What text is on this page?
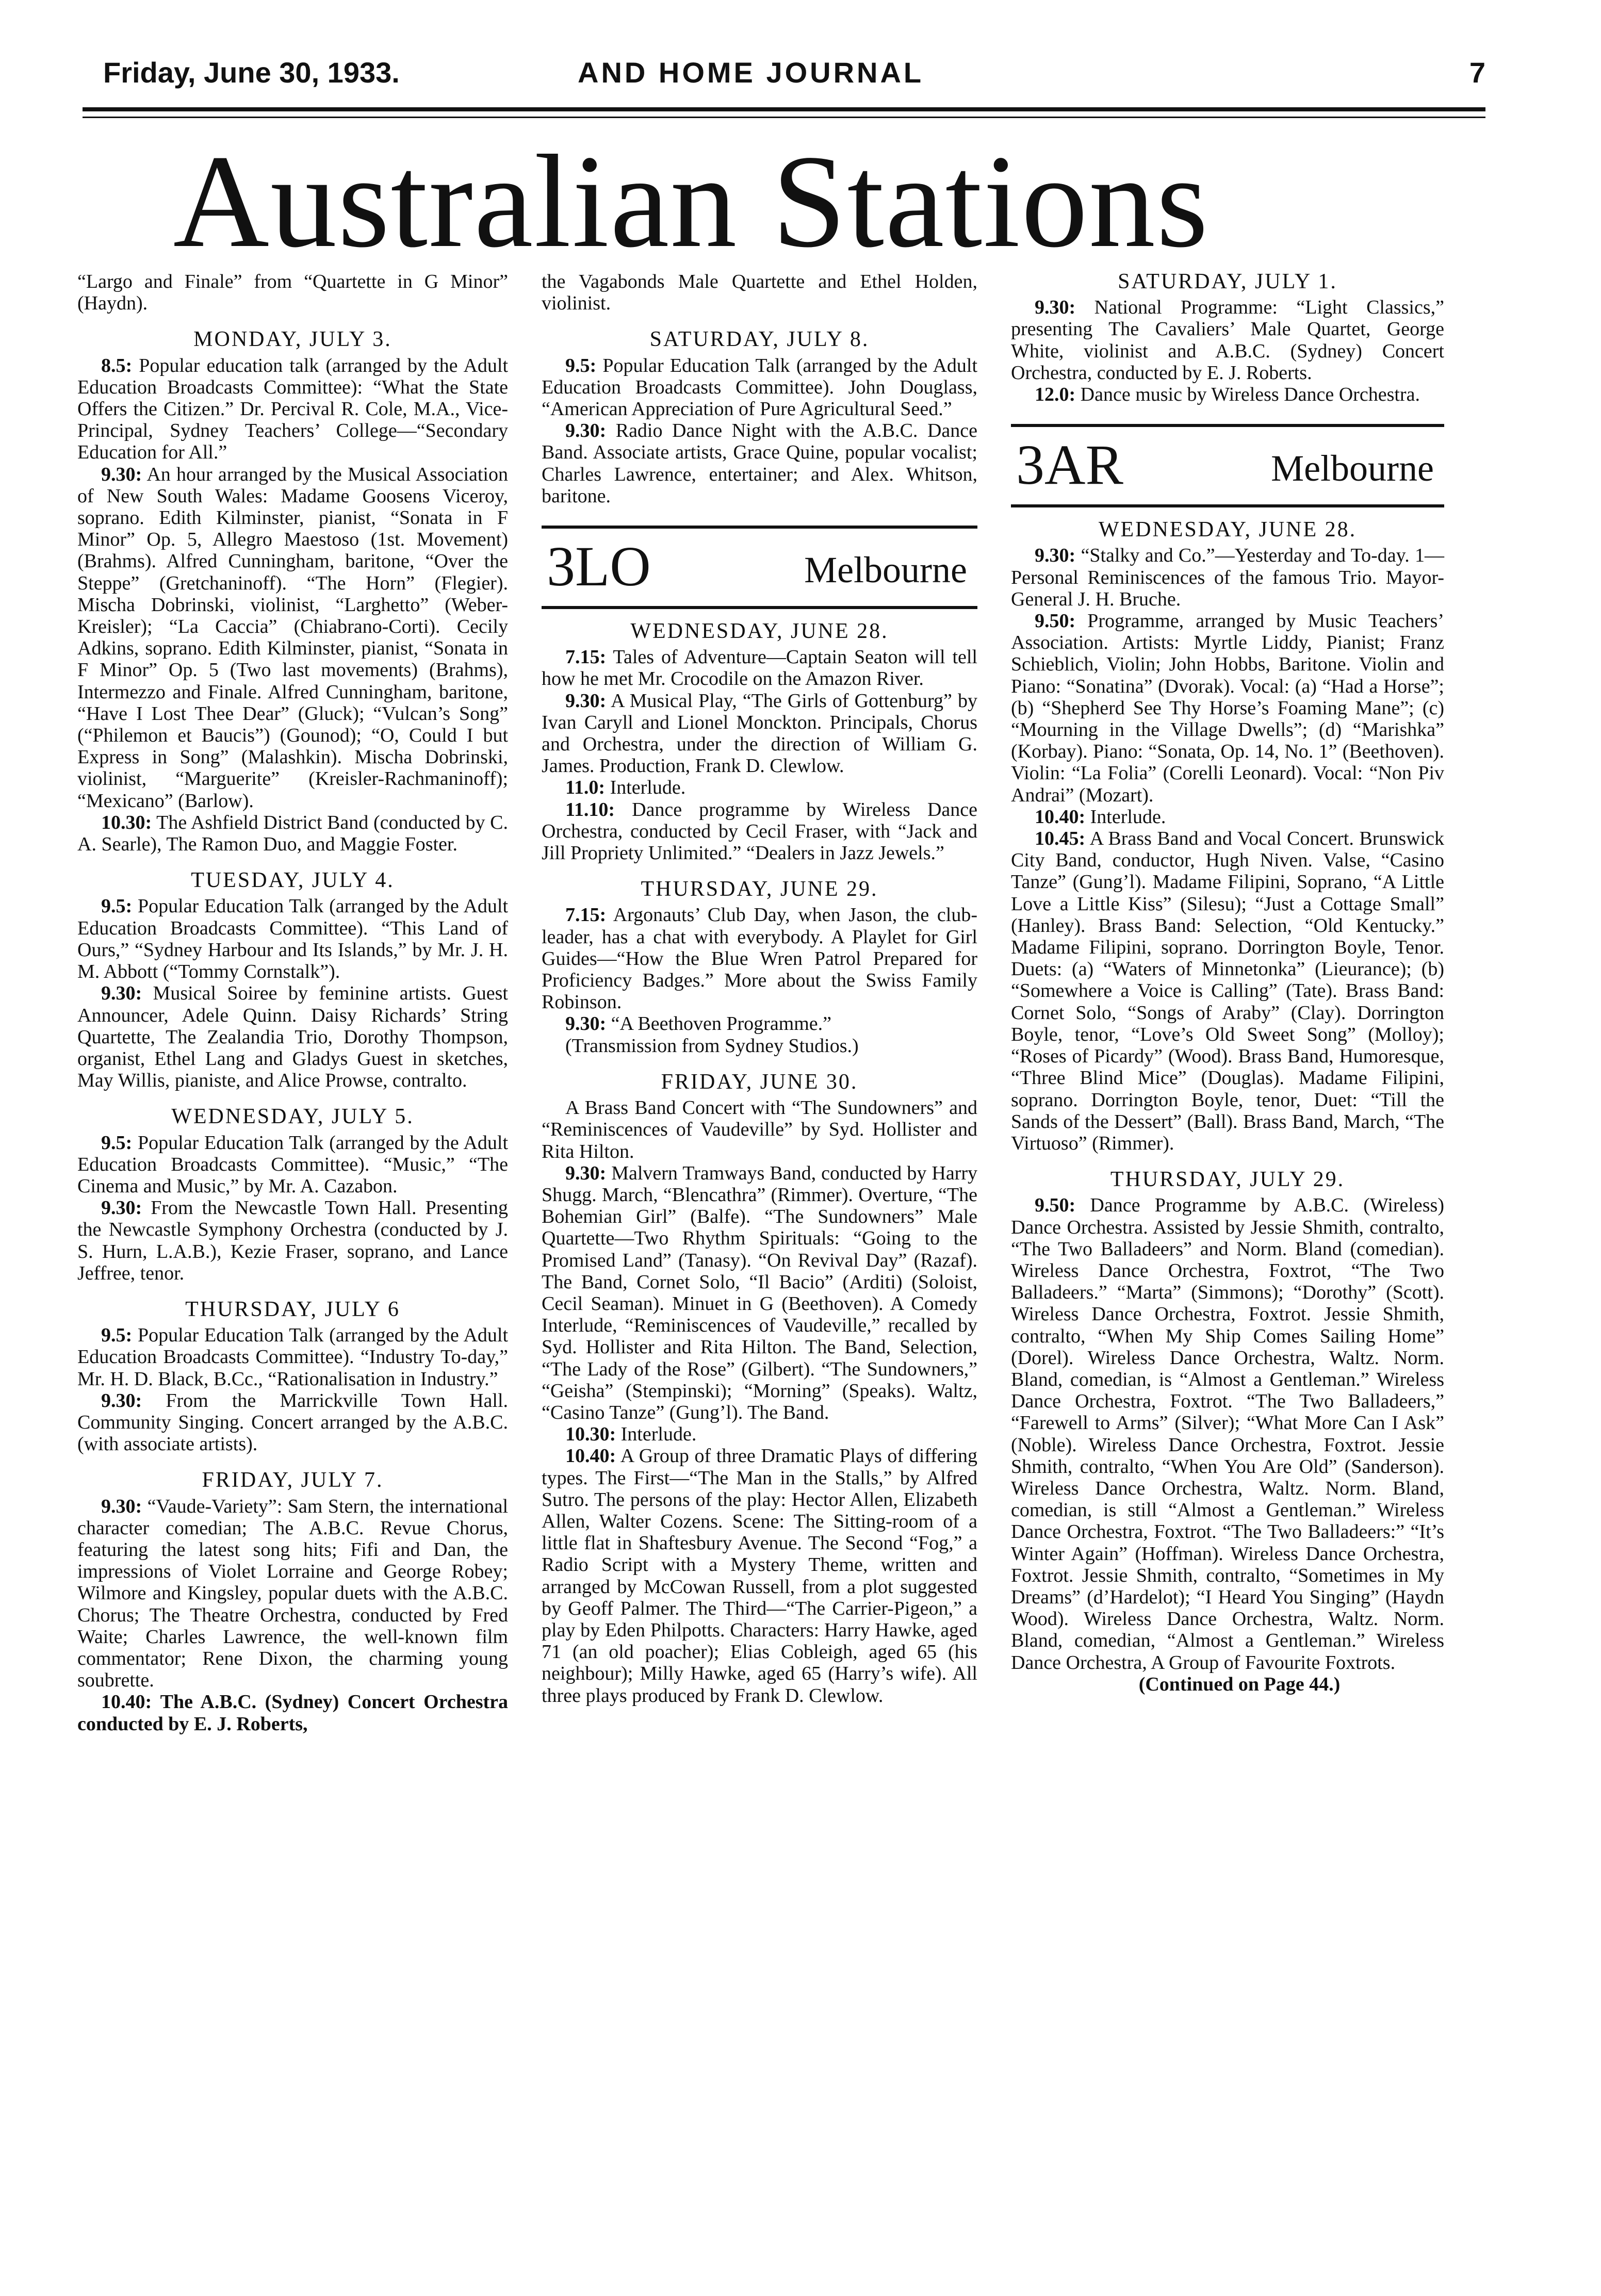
Friday, June 30, 1933.	AND HOME JOURNAL	7
Australian Stations

“Largo and Finale” from “Quartette in G Minor” (Haydn).

MONDAY, JULY 3.

8.5: Popular education talk (arranged by the Adult Education Broadcasts Committee): “What the State Offers the Citizen.” Dr. Percival R. Cole, M.A., Vice-Principal, Sydney Teachers’ College—“Secondary Education for All.”

9.30: An hour arranged by the Musical Association of New South Wales: Madame Goosens Viceroy, soprano. Edith Kilminster, pianist, “Sonata in F Minor” Op. 5, Allegro Maestoso (1st. Movement) (Brahms). Alfred Cunningham, baritone, “Over the Steppe” (Gretchaninoff). “The Horn” (Flegier). Mischa Dobrinski, violinist, “Larghetto” (Weber-Kreisler); “La Caccia” (Chiabrano-Corti). Cecily Adkins, soprano. Edith Kilminster, pianist, “Sonata in F Minor” Op. 5 (Two last movements) (Brahms), Intermezzo and Finale. Alfred Cunningham, baritone, “Have I Lost Thee Dear” (Gluck); “Vulcan’s Song” (“Philemon et Baucis”) (Gounod); “O, Could I but Express in Song” (Malashkin). Mischa Dobrinski, violinist, “Marguerite” (Kreisler-Rachmaninoff); “Mexicano” (Barlow).

10.30: The Ashfield District Band (conducted by C. A. Searle), The Ramon Duo, and Maggie Foster.

TUESDAY, JULY 4.

9.5: Popular Education Talk (arranged by the Adult Education Broadcasts Committee). “This Land of Ours,” “Sydney Harbour and Its Islands,” by Mr. J. H. M. Abbott (“Tommy Cornstalk”).

9.30: Musical Soiree by feminine artists. Guest Announcer, Adele Quinn. Daisy Richards’ String Quartette, The Zealandia Trio, Dorothy Thompson, organist, Ethel Lang and Gladys Guest in sketches, May Willis, pianiste, and Alice Prowse, contralto.

WEDNESDAY, JULY 5.

9.5: Popular Education Talk (arranged by the Adult Education Broadcasts Committee). “Music,” “The Cinema and Music,” by Mr. A. Cazabon.

9.30: From the Newcastle Town Hall. Presenting the Newcastle Symphony Orchestra (conducted by J. S. Hurn, L.A.B.), Kezie Fraser, soprano, and Lance Jeffree, tenor.

THURSDAY, JULY 6

9.5: Popular Education Talk (arranged by the Adult Education Broadcasts Committee). “Industry To-day,” Mr. H. D. Black, B.Cc., “Rationalisation in Industry.”

9.30: From the Marrickville Town Hall. Community Singing. Concert arranged by the A.B.C. (with associate artists).

FRIDAY, JULY 7.

9.30: “Vaude-Variety”: Sam Stern, the international character comedian; The A.B.C. Revue Chorus, featuring the latest song hits; Fifi and Dan, the impressions of Violet Lorraine and George Robey; Wilmore and Kingsley, popular duets with the A.B.C. Chorus; The Theatre Orchestra, conducted by Fred Waite; Charles Lawrence, the well-known film commentator; Rene Dixon, the charming young soubrette.

10.40: The A.B.C. (Sydney) Concert Orchestra conducted by E. J. Roberts,

the Vagabonds Male Quartette and Ethel Holden, violinist.

SATURDAY, JULY 8.

9.5: Popular Education Talk (arranged by the Adult Education Broadcasts Committee). John Douglass, “American Appreciation of Pure Agricultural Seed.”

9.30: Radio Dance Night with the A.B.C. Dance Band. Associate artists, Grace Quine, popular vocalist; Charles Lawrence, entertainer; and Alex. Whitson, baritone.

3LO	Melbourne
WEDNESDAY, JUNE 28.

7.15: Tales of Adventure—Captain Seaton will tell how he met Mr. Crocodile on the Amazon River.

9.30: A Musical Play, “The Girls of Gottenburg” by Ivan Caryll and Lionel Monckton. Principals, Chorus and Orchestra, under the direction of William G. James. Production, Frank D. Clewlow.

11.0: Interlude.

11.10: Dance programme by Wireless Dance Orchestra, conducted by Cecil Fraser, with “Jack and Jill Propriety Unlimited.” “Dealers in Jazz Jewels.”

THURSDAY, JUNE 29.

7.15: Argonauts’ Club Day, when Jason, the club-leader, has a chat with everybody. A Playlet for Girl Guides—“How the Blue Wren Patrol Prepared for Proficiency Badges.” More about the Swiss Family Robinson.

9.30: “A Beethoven Programme.”

(Transmission from Sydney Studios.)

FRIDAY, JUNE 30.

A Brass Band Concert with “The Sundowners” and “Reminiscences of Vaudeville” by Syd. Hollister and Rita Hilton.

9.30: Malvern Tramways Band, conducted by Harry Shugg. March, “Blencathra” (Rimmer). Overture, “The Bohemian Girl” (Balfe). “The Sundowners” Male Quartette—Two Rhythm Spirituals: “Going to the Promised Land” (Tanasy). “On Revival Day” (Razaf). The Band, Cornet Solo, “Il Bacio” (Arditi) (Soloist, Cecil Seaman). Minuet in G (Beethoven). A Comedy Interlude, “Reminiscences of Vaudeville,” recalled by Syd. Hollister and Rita Hilton. The Band, Selection, “The Lady of the Rose” (Gilbert). “The Sundowners,” “Geisha” (Stempinski); “Morning” (Speaks). Waltz, “Casino Tanze” (Gung’l). The Band.

10.30: Interlude.

10.40: A Group of three Dramatic Plays of differing types. The First—“The Man in the Stalls,” by Alfred Sutro. The persons of the play: Hector Allen, Elizabeth Allen, Walter Cozens. Scene: The Sitting-room of a little flat in Shaftesbury Avenue. The Second “Fog,” a Radio Script with a Mystery Theme, written and arranged by McCowan Russell, from a plot suggested by Geoff Palmer. The Third—“The Carrier-Pigeon,” a play by Eden Philpotts. Characters: Harry Hawke, aged 71 (an old poacher); Elias Cobleigh, aged 65 (his neighbour); Milly Hawke, aged 65 (Harry’s wife). All three plays produced by Frank D. Clewlow.

SATURDAY, JULY 1.

9.30: National Programme: “Light Classics,” presenting The Cavaliers’ Male Quartet, George White, violinist and A.B.C. (Sydney) Concert Orchestra, conducted by E. J. Roberts.

12.0: Dance music by Wireless Dance Orchestra.

3AR	Melbourne
WEDNESDAY, JUNE 28.

9.30: “Stalky and Co.”—Yesterday and To-day. 1—Personal Reminiscences of the famous Trio. Mayor-General J. H. Bruche.

9.50: Programme, arranged by Music Teachers’ Association. Artists: Myrtle Liddy, Pianist; Franz Schieblich, Violin; John Hobbs, Baritone. Violin and Piano: “Sonatina” (Dvorak). Vocal: (a) “Had a Horse”; (b) “Shepherd See Thy Horse’s Foaming Mane”; (c) “Mourning in the Village Dwells”; (d) “Marishka” (Korbay). Piano: “Sonata, Op. 14, No. 1” (Beethoven). Violin: “La Folia” (Corelli Leonard). Vocal: “Non Piv Andrai” (Mozart).

10.40: Interlude.

10.45: A Brass Band and Vocal Concert. Brunswick City Band, conductor, Hugh Niven. Valse, “Casino Tanze” (Gung’l). Madame Filipini, Soprano, “A Little Love a Little Kiss” (Silesu); “Just a Cottage Small” (Hanley). Brass Band: Selection, “Old Kentucky.” Madame Filipini, soprano. Dorrington Boyle, Tenor. Duets: (a) “Waters of Minnetonka” (Lieurance); (b) “Somewhere a Voice is Calling” (Tate). Brass Band: Cornet Solo, “Songs of Araby” (Clay). Dorrington Boyle, tenor, “Love’s Old Sweet Song” (Molloy); “Roses of Picardy” (Wood). Brass Band, Humoresque, “Three Blind Mice” (Douglas). Madame Filipini, soprano. Dorrington Boyle, tenor, Duet: “Till the Sands of the Dessert” (Ball). Brass Band, March, “The Virtuoso” (Rimmer).

THURSDAY, JULY 29.

9.50: Dance Programme by A.B.C. (Wireless) Dance Orchestra. Assisted by Jessie Shmith, contralto, “The Two Balladeers” and Norm. Bland (comedian). Wireless Dance Orchestra, Foxtrot, “The Two Balladeers.” “Marta” (Simmons); “Dorothy” (Scott). Wireless Dance Orchestra, Foxtrot. Jessie Shmith, contralto, “When My Ship Comes Sailing Home” (Dorel). Wireless Dance Orchestra, Waltz. Norm. Bland, comedian, is “Almost a Gentleman.” Wireless Dance Orchestra, Foxtrot. “The Two Balladeers,” “Farewell to Arms” (Silver); “What More Can I Ask” (Noble). Wireless Dance Orchestra, Foxtrot. Jessie Shmith, contralto, “When You Are Old” (Sanderson). Wireless Dance Orchestra, Waltz. Norm. Bland, comedian, is still “Almost a Gentleman.” Wireless Dance Orchestra, Foxtrot. “The Two Balladeers:” “It’s Winter Again” (Hoffman). Wireless Dance Orchestra, Foxtrot. Jessie Shmith, contralto, “Sometimes in My Dreams” (d’Hardelot); “I Heard You Singing” (Haydn Wood). Wireless Dance Orchestra, Waltz. Norm. Bland, comedian, “Almost a Gentleman.” Wireless Dance Orchestra, A Group of Favourite Foxtrots.

(Continued on Page 44.)
